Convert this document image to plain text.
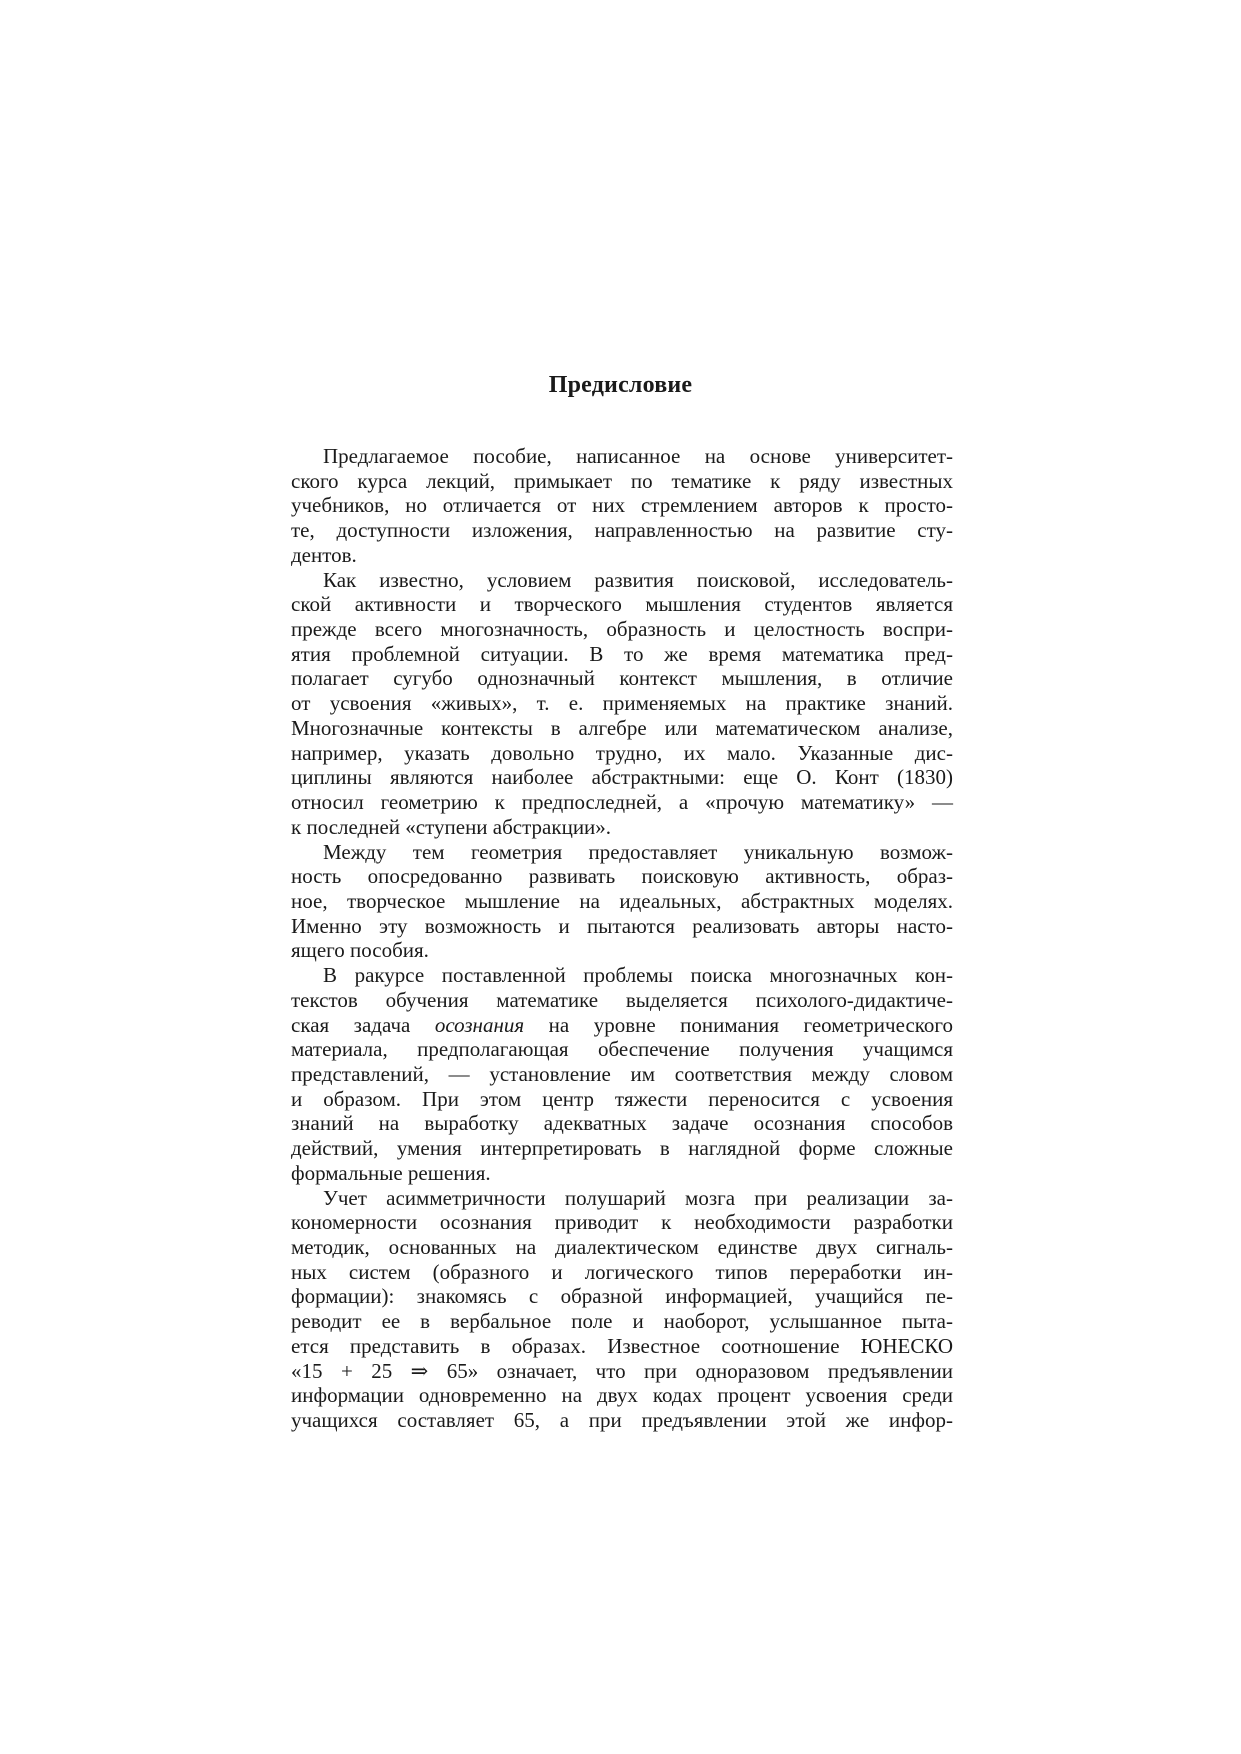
Предисловие
Предлагаемое пособие, написанное на основе университет-
ского курса лекций, примыкает по тематике к ряду известных
учебников, но отличается от них стремлением авторов к просто-
те, доступности изложения, направленностью на развитие сту-
дентов.
Как известно, условием развития поисковой, исследователь-
ской активности и творческого мышления студентов является
прежде всего многозначность, образность и целостность воспри-
ятия проблемной ситуации. В то же время математика пред-
полагает сугубо однозначный контекст мышления, в отличие
от усвоения «живых», т. е. применяемых на практике знаний.
Многозначные контексты в алгебре или математическом анализе,
например, указать довольно трудно, их мало. Указанные дис-
циплины являются наиболее абстрактными: еще О. Конт (1830)
относил геометрию к предпоследней, а «прочую математику» —
к последней «ступени абстракции».
Между тем геометрия предоставляет уникальную возмож-
ность опосредованно развивать поисковую активность, образ-
ное, творческое мышление на идеальных, абстрактных моделях.
Именно эту возможность и пытаются реализовать авторы насто-
ящего пособия.
В ракурсе поставленной проблемы поиска многозначных кон-
текстов обучения математике выделяется психолого-дидактиче-
ская задача осознания на уровне понимания геометрического
материала, предполагающая обеспечение получения учащимся
представлений, — установление им соответствия между словом
и образом. При этом центр тяжести переносится с усвоения
знаний на выработку адекватных задаче осознания способов
действий, умения интерпретировать в наглядной форме сложные
формальные решения.
Учет асимметричности полушарий мозга при реализации за-
кономерности осознания приводит к необходимости разработки
методик, основанных на диалектическом единстве двух сигналь-
ных систем (образного и логического типов переработки ин-
формации): знакомясь с образной информацией, учащийся пе-
реводит ее в вербальное поле и наоборот, услышанное пыта-
ется представить в образах. Известное соотношение ЮНЕСКО
«15 + 25 ⇒ 65» означает, что при одноразовом предъявлении
информации одновременно на двух кодах процент усвоения среди
учащихся составляет 65, а при предъявлении этой же инфор-
